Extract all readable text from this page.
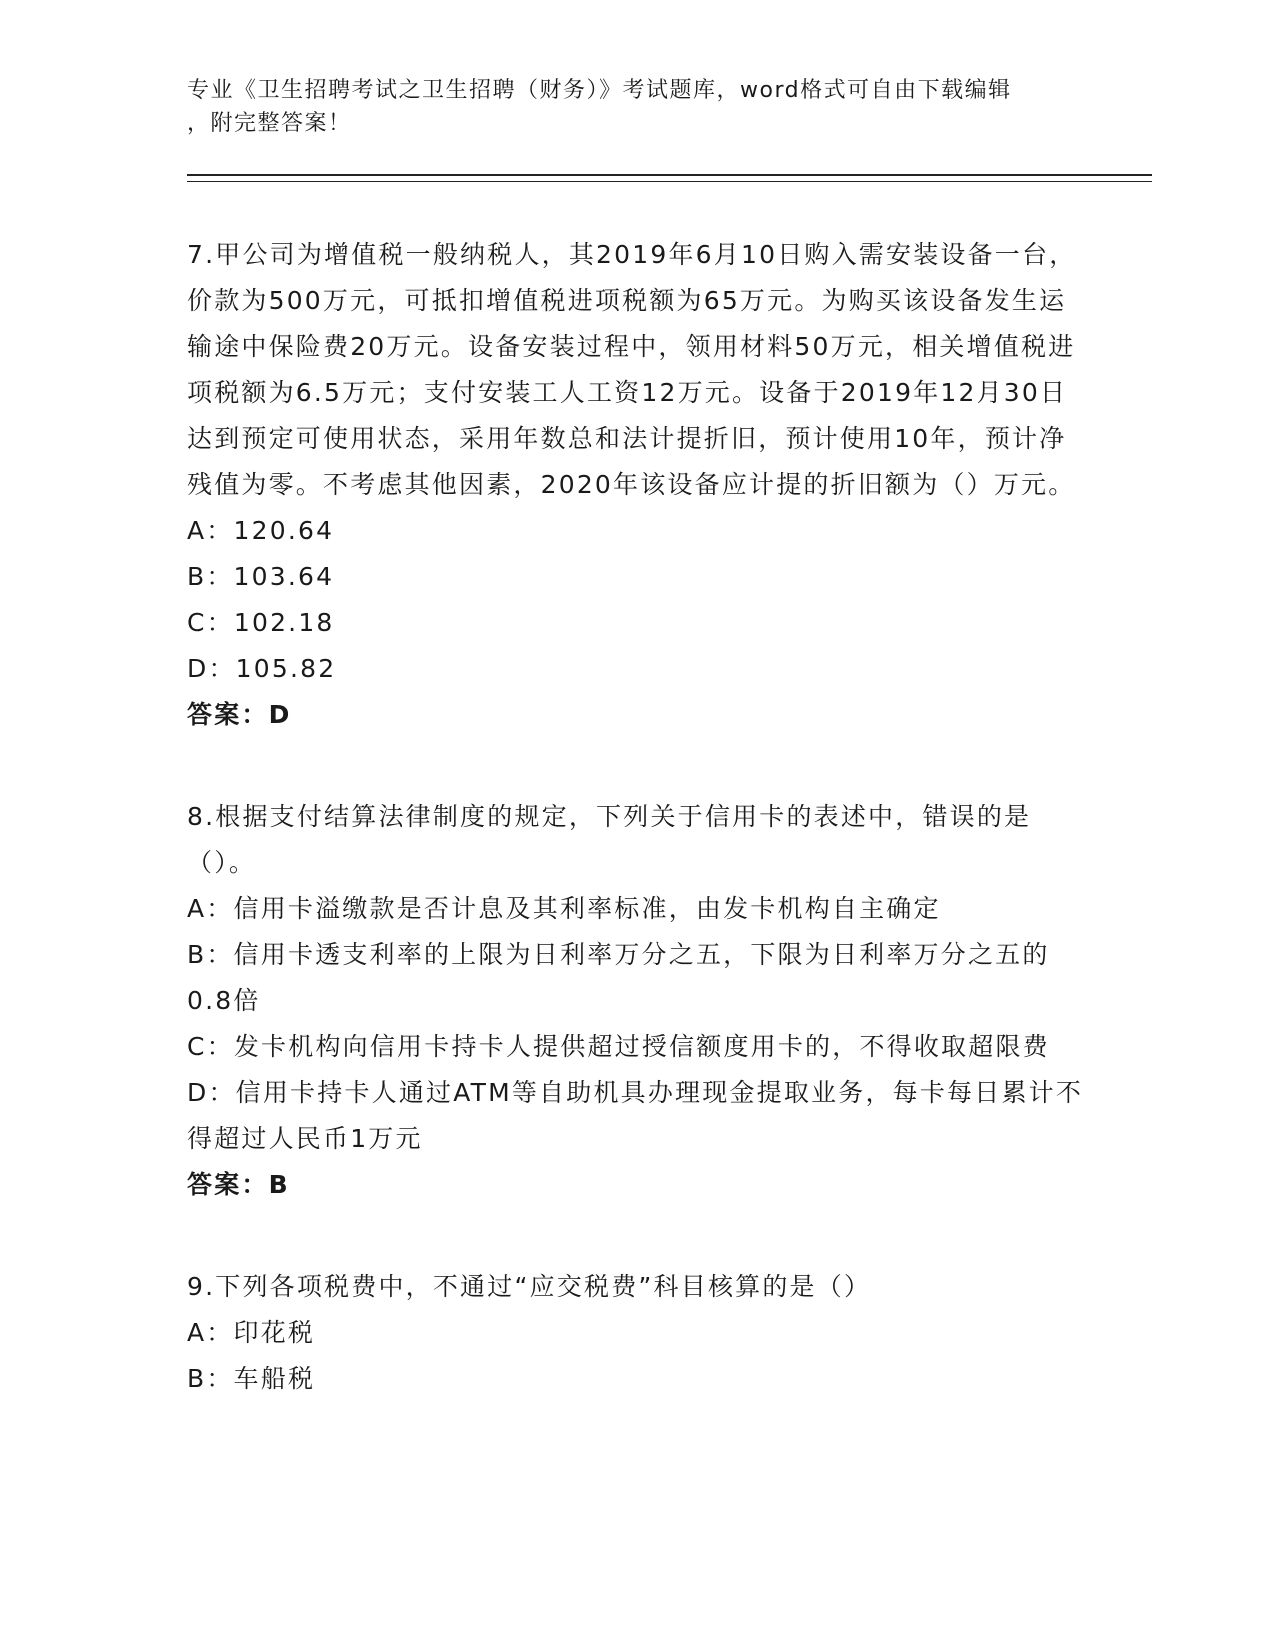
专业《卫生招聘考试之卫生招聘（财务）》考试题库，word格式可自由下载编辑
，附完整答案！

7.甲公司为增值税一般纳税人，其2019年6月10日购入需安装设备一台，价款为500万元，可抵扣增值税进项税额为65万元。为购买该设备发生运输途中保险费20万元。设备安装过程中，领用材料50万元，相关增值税进项税额为6.5万元；支付安装工人工资12万元。设备于2019年12月30日达到预定可使用状态，采用年数总和法计提折旧，预计使用10年，预计净残值为零。不考虑其他因素，2020年该设备应计提的折旧额为（）万元。

A：120.64

B：103.64

C：102.18

D：105.82

答案：D

8.根据支付结算法律制度的规定，下列关于信用卡的表述中，错误的是（）。

A：信用卡溢缴款是否计息及其利率标准，由发卡机构自主确定

B：信用卡透支利率的上限为日利率万分之五，下限为日利率万分之五的0.8倍

C：发卡机构向信用卡持卡人提供超过授信额度用卡的，不得收取超限费

D：信用卡持卡人通过ATM等自助机具办理现金提取业务，每卡每日累计不得超过人民币1万元

答案：B

9.下列各项税费中，不通过“应交税费”科目核算的是（）

A：印花税

B：车船税
